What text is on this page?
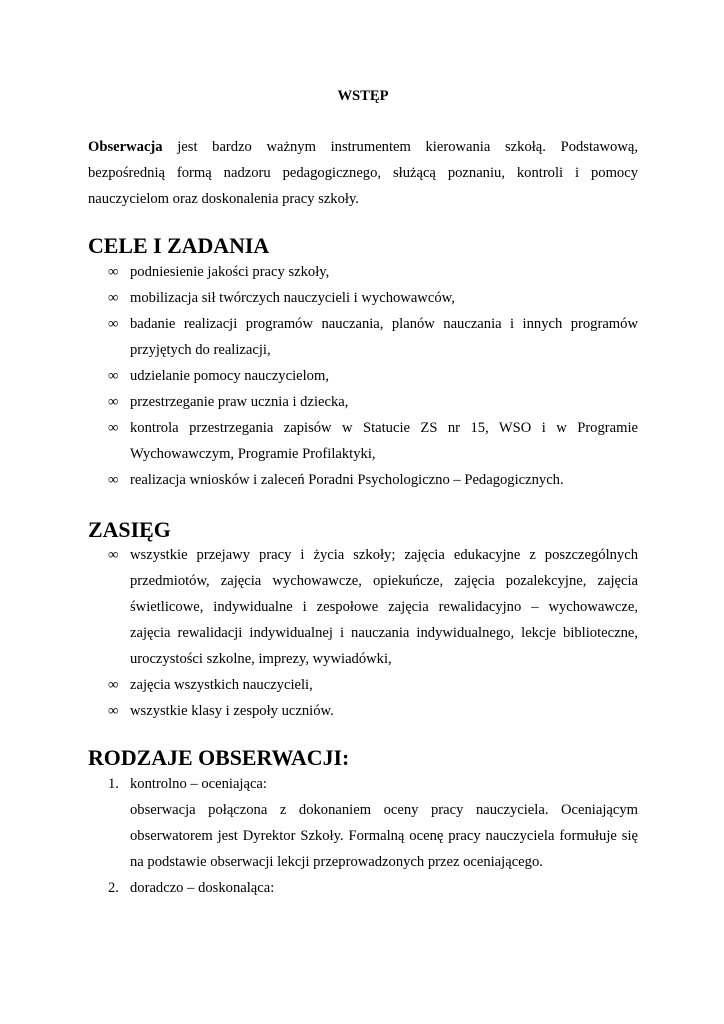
WSTĘP

Obserwacja jest bardzo ważnym instrumentem kierowania szkołą. Podstawową, bezpośrednią formą nadzoru pedagogicznego, służącą poznaniu, kontroli i pomocy nauczycielom oraz doskonalenia pracy szkoły.

CELE I ZADANIA
∞ podniesienie jakości pracy szkoły,
∞ mobilizacja sił twórczych nauczycieli i wychowawców,
∞ badanie realizacji programów nauczania, planów nauczania i innych programów przyjętych do realizacji,
∞ udzielanie pomocy nauczycielom,
∞ przestrzeganie praw ucznia i dziecka,
∞ kontrola przestrzegania zapisów w Statucie ZS nr 15, WSO i w Programie Wychowawczym, Programie Profilaktyki,
∞ realizacja wniosków i zaleceń Poradni Psychologiczno – Pedagogicznych.
ZASIĘG
∞ wszystkie przejawy pracy i życia szkoły; zajęcia edukacyjne z poszczególnych przedmiotów, zajęcia wychowawcze, opiekuńcze, zajęcia pozalekcyjne, zajęcia świetlicowe, indywidualne i zespołowe zajęcia rewalidacyjno – wychowawcze, zajęcia rewalidacji indywidualnej i nauczania indywidualnego, lekcje biblioteczne, uroczystości szkolne, imprezy, wywiadówki,
∞ zajęcia wszystkich nauczycieli,
∞ wszystkie klasy i zespoły uczniów.
RODZAJE OBSERWACJI:
1. kontrolno – oceniająca:
obserwacja połączona z dokonaniem oceny pracy nauczyciela. Oceniającym obserwatorem jest Dyrektor Szkoły. Formalną ocenę pracy nauczyciela formułuje się na podstawie obserwacji lekcji przeprowadzonych przez oceniającego.
2. doradczo – doskonaląca:
